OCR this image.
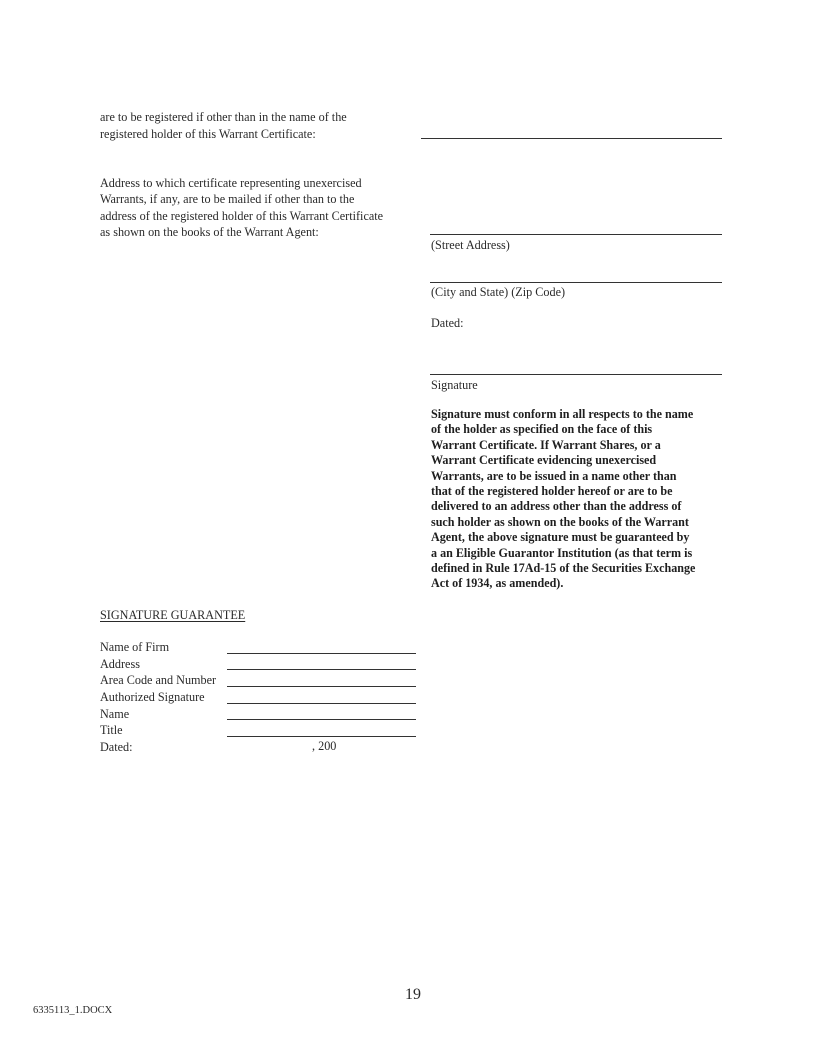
are to be registered if other than in the name of the
registered holder of this Warrant Certificate:
Address to which certificate representing unexercised
Warrants, if any, are to be mailed if other than to the
address of the registered holder of this Warrant Certificate
as shown on the books of the Warrant Agent:
(Street Address)
(City and State) (Zip Code)
Dated:
Signature
Signature must conform in all respects to the name
of the holder as specified on the face of this
Warrant Certificate. If Warrant Shares, or a
Warrant Certificate evidencing unexercised
Warrants, are to be issued in a name other than
that of the registered holder hereof or are to be
delivered to an address other than the address of
such holder as shown on the books of the Warrant
Agent, the above signature must be guaranteed by
a an Eligible Guarantor Institution (as that term is
defined in Rule 17Ad-15 of the Securities Exchange
Act of 1934, as amended).
SIGNATURE GUARANTEE
Name of Firm
Address
Area Code and Number
Authorized Signature
Name
Title
Dated:	, 200
19
6335113_1.DOCX
